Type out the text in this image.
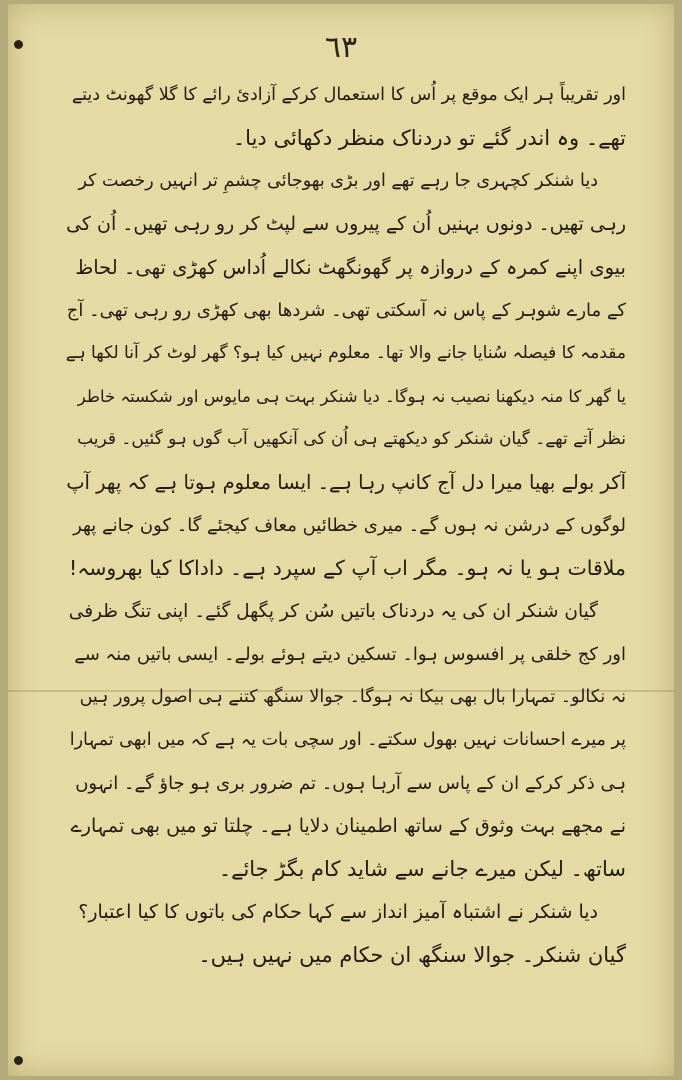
٦٣
اور تقریباً ہر ایک موقع پر اُس کا استعمال کرکے آزادیٔ رائے کا گلا گھونٹ دیتے
تھے۔ وہ اندر گئے تو دردناک منظر دکھائی دیا۔
دیا شنکر کچہری جا رہے تھے اور بڑی بھوجائی چشمِ تر انہیں رخصت کر
رہی تھیں۔ دونوں بہنیں اُن کے پیروں سے لپٹ کر رو رہی تھیں۔ اُن کی
بیوی اپنے کمرہ کے دروازہ پر گھونگھٹ نکالے اُداس کھڑی تھی۔ لحاظ
کے مارے شوہر کے پاس نہ آسکتی تھی۔ شردھا بھی کھڑی رو رہی تھی۔ آج
مقدمہ کا فیصلہ سُنایا جانے والا تھا۔ معلوم نہیں کیا ہو؟ گھر لوٹ کر آنا لکھا ہے
یا گھر کا منہ دیکھنا نصیب نہ ہوگا۔ دیا شنکر بہت ہی مایوس اور شکستہ خاطر
نظر آتے تھے۔ گیان شنکر کو دیکھتے ہی اُن کی آنکھیں آب گوں ہو گئیں۔ قریب
آکر بولے بھیا میرا دل آج کانپ رہا ہے۔ ایسا معلوم ہوتا ہے کہ پھر آپ
لوگوں کے درشن نہ ہوں گے۔ میری خطائیں معاف کیجئے گا۔ کون جانے پھر
ملاقات ہو یا نہ ہو۔ مگر اب آپ کے سپرد ہے۔ داداکا کیا بھروسہ!
گیان شنکر ان کی یہ دردناک باتیں سُن کر پگھل گئے۔ اپنی تنگ ظرفی
اور کج خلقی پر افسوس ہوا۔ تسکین دیتے ہوئے بولے۔ ایسی باتیں منہ سے
نہ نکالو۔ تمہارا بال بھی بیکا نہ ہوگا۔ جوالا سنگھ کتنے ہی اصول پرور ہیں
پر میرے احسانات نہیں بھول سکتے۔ اور سچی بات یہ ہے کہ میں ابھی تمہارا
ہی ذکر کرکے ان کے پاس سے آرہا ہوں۔ تم ضرور بری ہو جاؤ گے۔ انہوں
نے مجھے بہت وثوق کے ساتھ اطمینان دلایا ہے۔ چلتا تو میں بھی تمہارے
ساتھ۔ لیکن میرے جانے سے شاید کام بگڑ جائے۔
دیا شنکر نے اشتباہ آمیز انداز سے کہا حکام کی باتوں کا کیا اعتبار؟
گیان شنکر۔ جوالا سنگھ ان حکام میں نہیں ہیں۔
